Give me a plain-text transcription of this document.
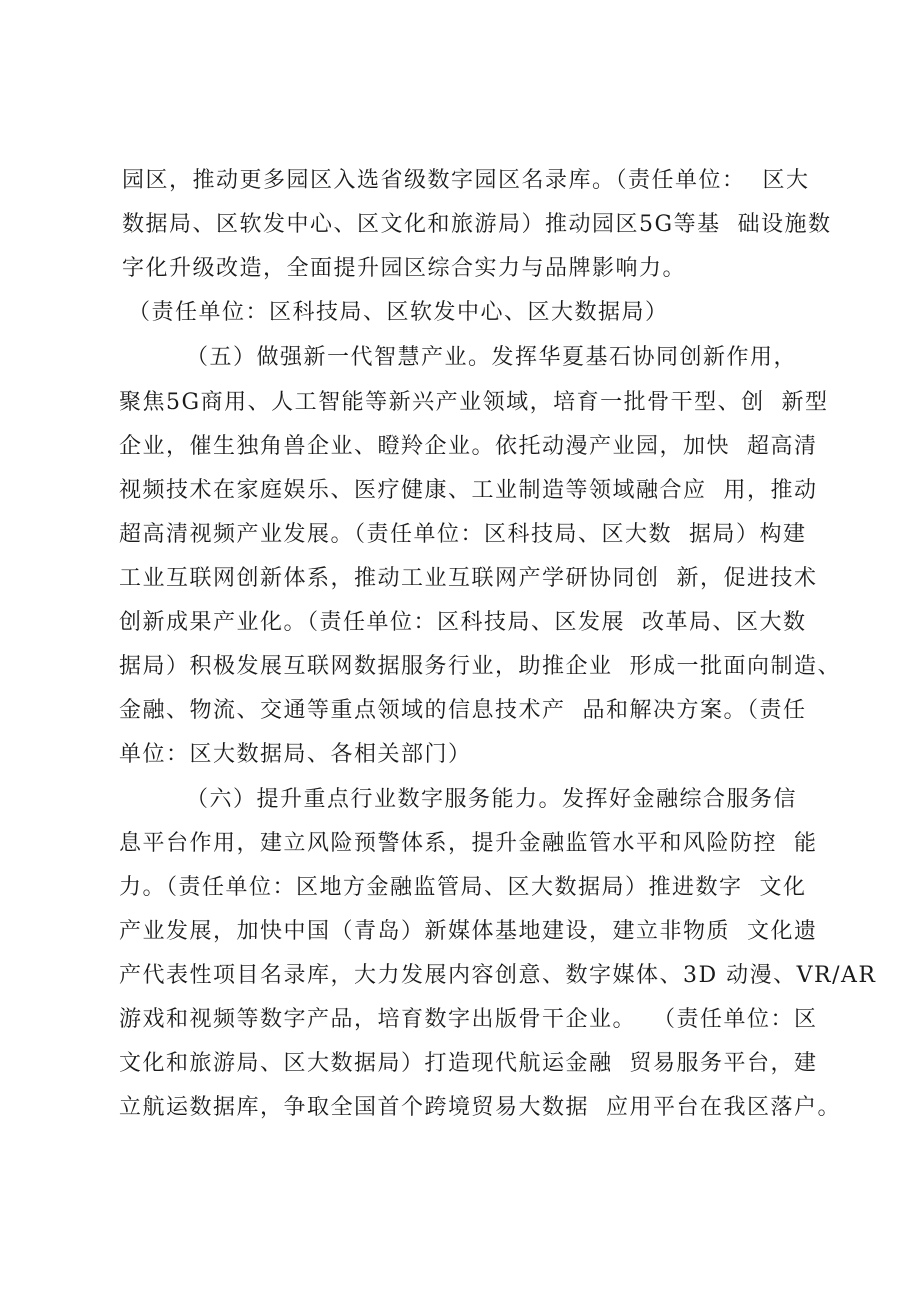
园区，推动更多园区入选省级数字园区名录库。（责任单位：  区大
数据局、区软发中心、区文化和旅游局）推动园区5G等基  础设施数
字化升级改造，全面提升园区综合实力与品牌影响力。
（责任单位：区科技局、区软发中心、区大数据局）
（五）做强新一代智慧产业。发挥华夏基石协同创新作用，
聚焦5G商用、人工智能等新兴产业领域，培育一批骨干型、创  新型
企业，催生独角兽企业、瞪羚企业。依托动漫产业园，加快  超高清
视频技术在家庭娱乐、医疗健康、工业制造等领域融合应  用，推动
超高清视频产业发展。（责任单位：区科技局、区大数  据局）构建
工业互联网创新体系，推动工业互联网产学研协同创  新，促进技术
创新成果产业化。（责任单位：区科技局、区发展  改革局、区大数
据局）积极发展互联网数据服务行业，助推企业  形成一批面向制造、
金融、物流、交通等重点领域的信息技术产  品和解决方案。（责任
单位：区大数据局、各相关部门）
（六）提升重点行业数字服务能力。发挥好金融综合服务信
息平台作用，建立风险预警体系，提升金融监管水平和风险防控  能
力。（责任单位：区地方金融监管局、区大数据局）推进数字  文化
产业发展，加快中国（青岛）新媒体基地建设，建立非物质  文化遗
产代表性项目名录库，大力发展内容创意、数字媒体、3D 动漫、VR/AR
游戏和视频等数字产品，培育数字出版骨干企业。  （责任单位：区
文化和旅游局、区大数据局）打造现代航运金融  贸易服务平台，建
立航运数据库，争取全国首个跨境贸易大数据  应用平台在我区落户。
